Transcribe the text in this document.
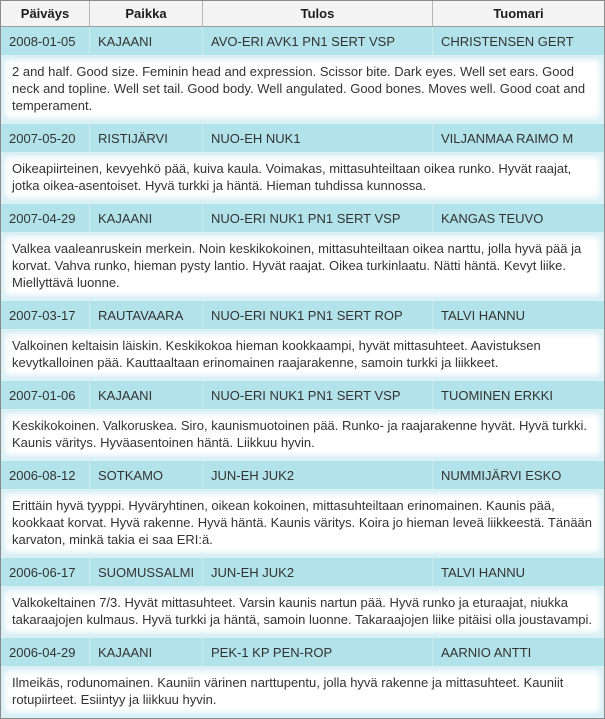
Päiväys	Paikka	Tulos	Tuomari
2008-01-05	KAJAANI	AVO-ERI AVK1 PN1 SERT VSP	CHRISTENSEN GERT
2 and half. Good size. Feminin head and expression. Scissor bite. Dark eyes. Well set ears. Good neck and topline. Well set tail. Good body. Well angulated. Good bones. Moves well. Good coat and temperament.
2007-05-20	RISTIJÄRVI	NUO-EH NUK1	VILJANMAA RAIMO M
Oikeapiirteinen, kevyehkö pää, kuiva kaula. Voimakas, mittasuhteiltaan oikea runko. Hyvät raajat, jotka oikea-asentoiset. Hyvä turkki ja häntä. Hieman tuhdissa kunnossa.
2007-04-29	KAJAANI	NUO-ERI NUK1 PN1 SERT VSP	KANGAS TEUVO
Valkea vaaleanruskein merkein. Noin keskikokoinen, mittasuhteiltaan oikea narttu, jolla hyvä pää ja korvat. Vahva runko, hieman pysty lantio. Hyvät raajat. Oikea turkinlaatu. Nätti häntä. Kevyt liike. Miellyttävä luonne.
2007-03-17	RAUTAVAARA	NUO-ERI NUK1 PN1 SERT ROP	TALVI HANNU
Valkoinen keltaisin läiskin. Keskikokoa hieman kookkaampi, hyvät mittasuhteet. Aavistuksen kevytkalloinen pää. Kauttaaltaan erinomainen raajarakenne, samoin turkki ja liikkeet.
2007-01-06	KAJAANI	NUO-ERI NUK1 PN1 SERT VSP	TUOMINEN ERKKI
Keskikokoinen. Valkoruskea. Siro, kaunismuotoinen pää. Runko- ja raajarakenne hyvät. Hyvä turkki. Kaunis väritys. Hyväasentoinen häntä. Liikkuu hyvin.
2006-08-12	SOTKAMO	JUN-EH JUK2	NUMMIJÄRVI ESKO
Erittäin hyvä tyyppi. Hyväryhtinen, oikean kokoinen, mittasuhteiltaan erinomainen. Kaunis pää, kookkaat korvat. Hyvä rakenne. Hyvä häntä. Kaunis väritys. Koira jo hieman leveä liikkeestä. Tänään karvaton, minkä takia ei saa ERI:ä.
2006-06-17	SUOMUSSALMI	JUN-EH JUK2	TALVI HANNU
Valkokeltainen 7/3. Hyvät mittasuhteet. Varsin kaunis nartun pää. Hyvä runko ja eturaajat, niukka takaraajojen kulmaus. Hyvä turkki ja häntä, samoin luonne. Takaraajojen liike pitäisi olla joustavampi.
2006-04-29	KAJAANI	PEK-1 KP PEN-ROP	AARNIO ANTTI
Ilmeikäs, rodunomainen. Kauniin värinen narttupentu, jolla hyvä rakenne ja mittasuhteet. Kauniit rotupiirteet. Esiintyy ja liikkuu hyvin.
